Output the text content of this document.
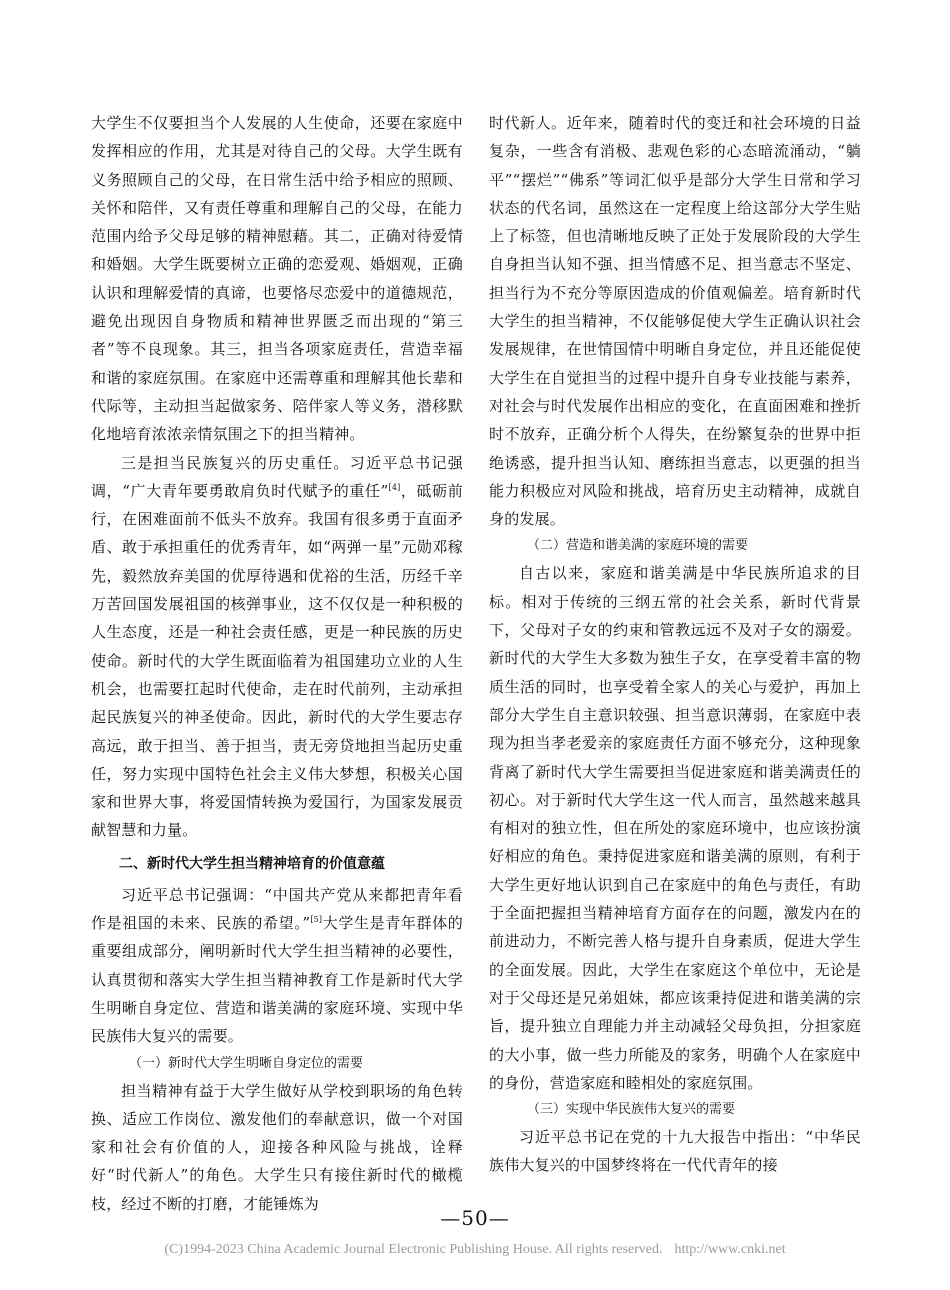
大学生不仅要担当个人发展的人生使命，还要在家庭中发挥相应的作用，尤其是对待自己的父母。大学生既有义务照顾自己的父母，在日常生活中给予相应的照顾、关怀和陪伴，又有责任尊重和理解自己的父母，在能力范围内给予父母足够的精神慰藉。其二，正确对待爱情和婚姻。大学生既要树立正确的恋爱观、婚姻观，正确认识和理解爱情的真谛，也要恪尽恋爱中的道德规范，避免出现因自身物质和精神世界匮乏而出现的“第三者”等不良现象。其三，担当各项家庭责任，营造幸福和谐的家庭氛围。在家庭中还需尊重和理解其他长辈和代际等，主动担当起做家务、陪伴家人等义务，潜移默化地培育浓浓亲情氛围之下的担当精神。

三是担当民族复兴的历史重任。习近平总书记强调，“广大青年要勇敢肩负时代赋予的重任”[4]，砥砺前行，在困难面前不低头不放弃。我国有很多勇于直面矛盾、敢于承担重任的优秀青年，如“两弹一星”元勋邓稼先，毅然放弃美国的优厚待遇和优裕的生活，历经千辛万苦回国发展祖国的核弹事业，这不仅仅是一种积极的人生态度，还是一种社会责任感，更是一种民族的历史使命。新时代的大学生既面临着为祖国建功立业的人生机会，也需要扛起时代使命，走在时代前列，主动承担起民族复兴的神圣使命。因此，新时代的大学生要志存高远，敢于担当、善于担当，责无旁贷地担当起历史重任，努力实现中国特色社会主义伟大梦想，积极关心国家和世界大事，将爱国情转换为爱国行，为国家发展贡献智慧和力量。

二、新时代大学生担当精神培育的价值意蕴

习近平总书记强调：“中国共产党从来都把青年看作是祖国的未来、民族的希望。”[5]大学生是青年群体的重要组成部分，阐明新时代大学生担当精神的必要性，认真贯彻和落实大学生担当精神教育工作是新时代大学生明晰自身定位、营造和谐美满的家庭环境、实现中华民族伟大复兴的需要。

（一）新时代大学生明晰自身定位的需要

担当精神有益于大学生做好从学校到职场的角色转换、适应工作岗位、激发他们的奉献意识，做一个对国家和社会有价值的人，迎接各种风险与挑战，诠释好“时代新人”的角色。大学生只有接住新时代的橄榄枝，经过不断的打磨，才能锤炼为

时代新人。近年来，随着时代的变迁和社会环境的日益复杂，一些含有消极、悲观色彩的心态暗流涌动，“躺平”“摆烂”“佛系”等词汇似乎是部分大学生日常和学习状态的代名词，虽然这在一定程度上给这部分大学生贴上了标签，但也清晰地反映了正处于发展阶段的大学生自身担当认知不强、担当情感不足、担当意志不坚定、担当行为不充分等原因造成的价值观偏差。培育新时代大学生的担当精神，不仅能够促使大学生正确认识社会发展规律，在世情国情中明晰自身定位，并且还能促使大学生在自觉担当的过程中提升自身专业技能与素养，对社会与时代发展作出相应的变化，在直面困难和挫折时不放弃，正确分析个人得失，在纷繁复杂的世界中拒绝诱惑，提升担当认知、磨练担当意志，以更强的担当能力积极应对风险和挑战，培育历史主动精神，成就自身的发展。

（二）营造和谐美满的家庭环境的需要

自古以来，家庭和谐美满是中华民族所追求的目标。相对于传统的三纲五常的社会关系，新时代背景下，父母对子女的约束和管教远远不及对子女的溺爱。新时代的大学生大多数为独生子女，在享受着丰富的物质生活的同时，也享受着全家人的关心与爱护，再加上部分大学生自主意识较强、担当意识薄弱，在家庭中表现为担当孝老爱亲的家庭责任方面不够充分，这种现象背离了新时代大学生需要担当促进家庭和谐美满责任的初心。对于新时代大学生这一代人而言，虽然越来越具有相对的独立性，但在所处的家庭环境中，也应该扮演好相应的角色。秉持促进家庭和谐美满的原则，有利于大学生更好地认识到自己在家庭中的角色与责任，有助于全面把握担当精神培育方面存在的问题，激发内在的前进动力，不断完善人格与提升自身素质，促进大学生的全面发展。因此，大学生在家庭这个单位中，无论是对于父母还是兄弟姐妹，都应该秉持促进和谐美满的宗旨，提升独立自理能力并主动减轻父母负担，分担家庭的大小事，做一些力所能及的家务，明确个人在家庭中的身份，营造家庭和睦相处的家庭氛围。

（三）实现中华民族伟大复兴的需要

习近平总书记在党的十九大报告中指出：“中华民族伟大复兴的中国梦终将在一代代青年的接

—50—
(C)1994-2023 China Academic Journal Electronic Publishing House. All rights reserved. http://www.cnki.net
